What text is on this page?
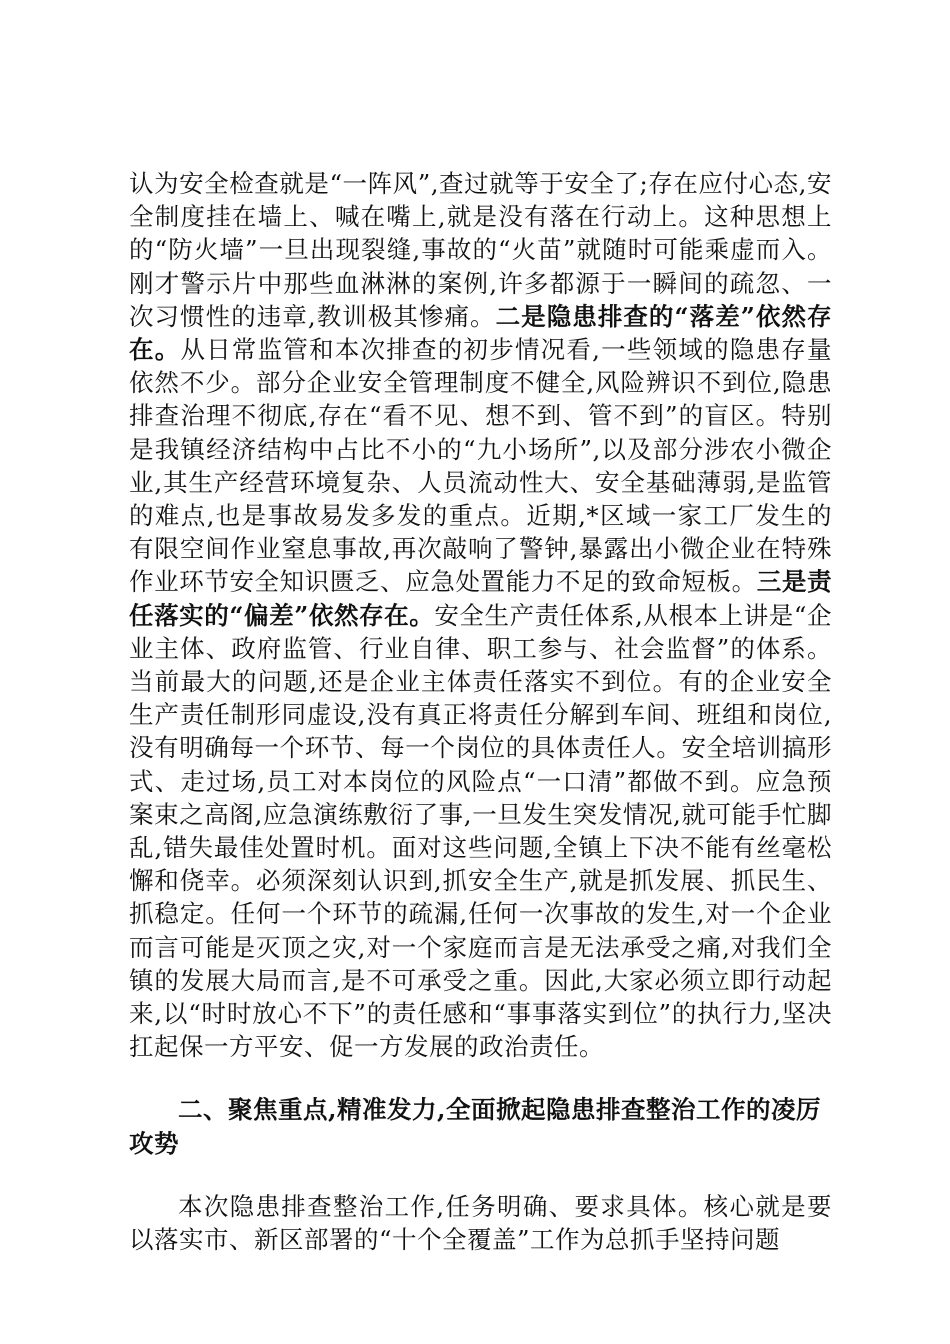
认为安全检查就是“一阵风”,查过就等于安全了;存在应付心态,安全制度挂在墙上、喊在嘴上,就是没有落在行动上。这种思想上的“防火墙”一旦出现裂缝,事故的“火苗”就随时可能乘虚而入。刚才警示片中那些血淋淋的案例,许多都源于一瞬间的疏忽、一次习惯性的违章,教训极其惨痛。二是隐患排查的“落差”依然存在。从日常监管和本次排查的初步情况看,一些领域的隐患存量依然不少。部分企业安全管理制度不健全,风险辨识不到位,隐患排查治理不彻底,存在“看不见、想不到、管不到”的盲区。特别是我镇经济结构中占比不小的“九小场所”,以及部分涉农小微企业,其生产经营环境复杂、人员流动性大、安全基础薄弱,是监管的难点,也是事故易发多发的重点。近期,*区域一家工厂发生的有限空间作业窒息事故,再次敲响了警钟,暴露出小微企业在特殊作业环节安全知识匮乏、应急处置能力不足的致命短板。三是责任落实的“偏差”依然存在。安全生产责任体系,从根本上讲是“企业主体、政府监管、行业自律、职工参与、社会监督”的体系。当前最大的问题,还是企业主体责任落实不到位。有的企业安全生产责任制形同虚设,没有真正将责任分解到车间、班组和岗位,没有明确每一个环节、每一个岗位的具体责任人。安全培训搞形式、走过场,员工对本岗位的风险点“一口清”都做不到。应急预案束之高阁,应急演练敷衍了事,一旦发生突发情况,就可能手忙脚乱,错失最佳处置时机。面对这些问题,全镇上下决不能有丝毫松懈和侥幸。必须深刻认识到,抓安全生产,就是抓发展、抓民生、抓稳定。任何一个环节的疏漏,任何一次事故的发生,对一个企业而言可能是灭顶之灾,对一个家庭而言是无法承受之痛,对我们全镇的发展大局而言,是不可承受之重。因此,大家必须立即行动起来,以“时时放心不下”的责任感和“事事落实到位”的执行力,坚决扛起保一方平安、促一方发展的政治责任。

二、聚焦重点,精准发力,全面掀起隐患排查整治工作的凌厉攻势

本次隐患排查整治工作,任务明确、要求具体。核心就是要以落实市、新区部署的“十个全覆盖”工作为总抓手坚持问题
